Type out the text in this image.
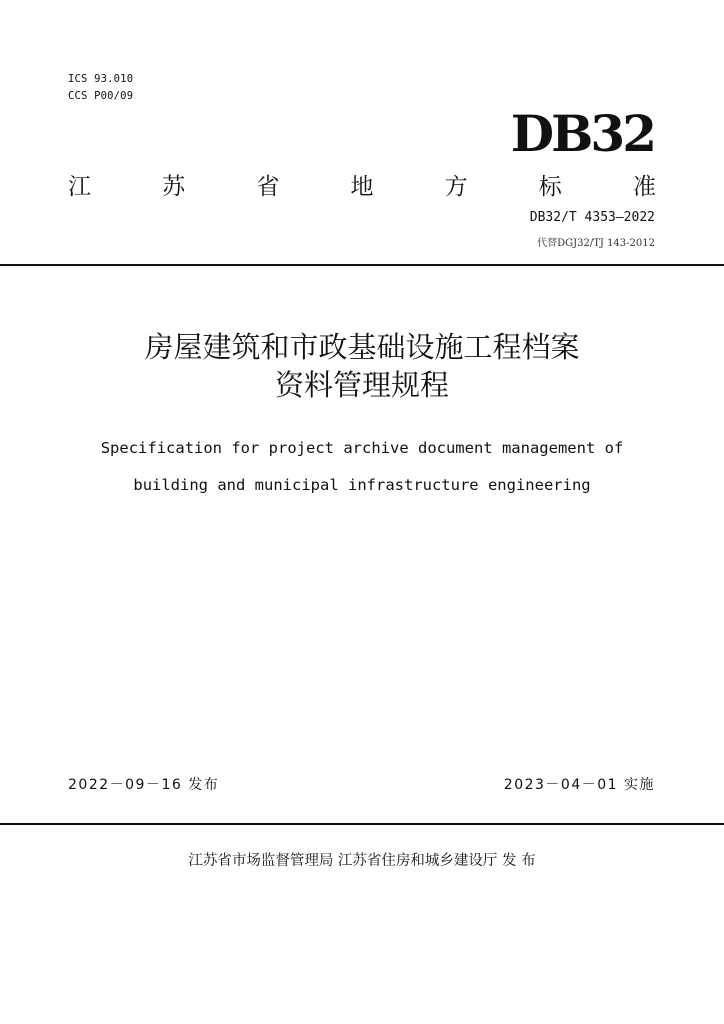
ICS 93.010
CCS P00/09
DB32
江	苏	省	地	方	标	准
DB32/T 4353—2022
代替DGJ32/TJ 143-2012
房屋建筑和市政基础设施工程档案
资料管理规程
Specification for project archive document management of
building and municipal infrastructure engineering
2022－09－16 发布	2023－04－01 实施
江苏省市场监督管理局 江苏省住房和城乡建设厅 发 布
